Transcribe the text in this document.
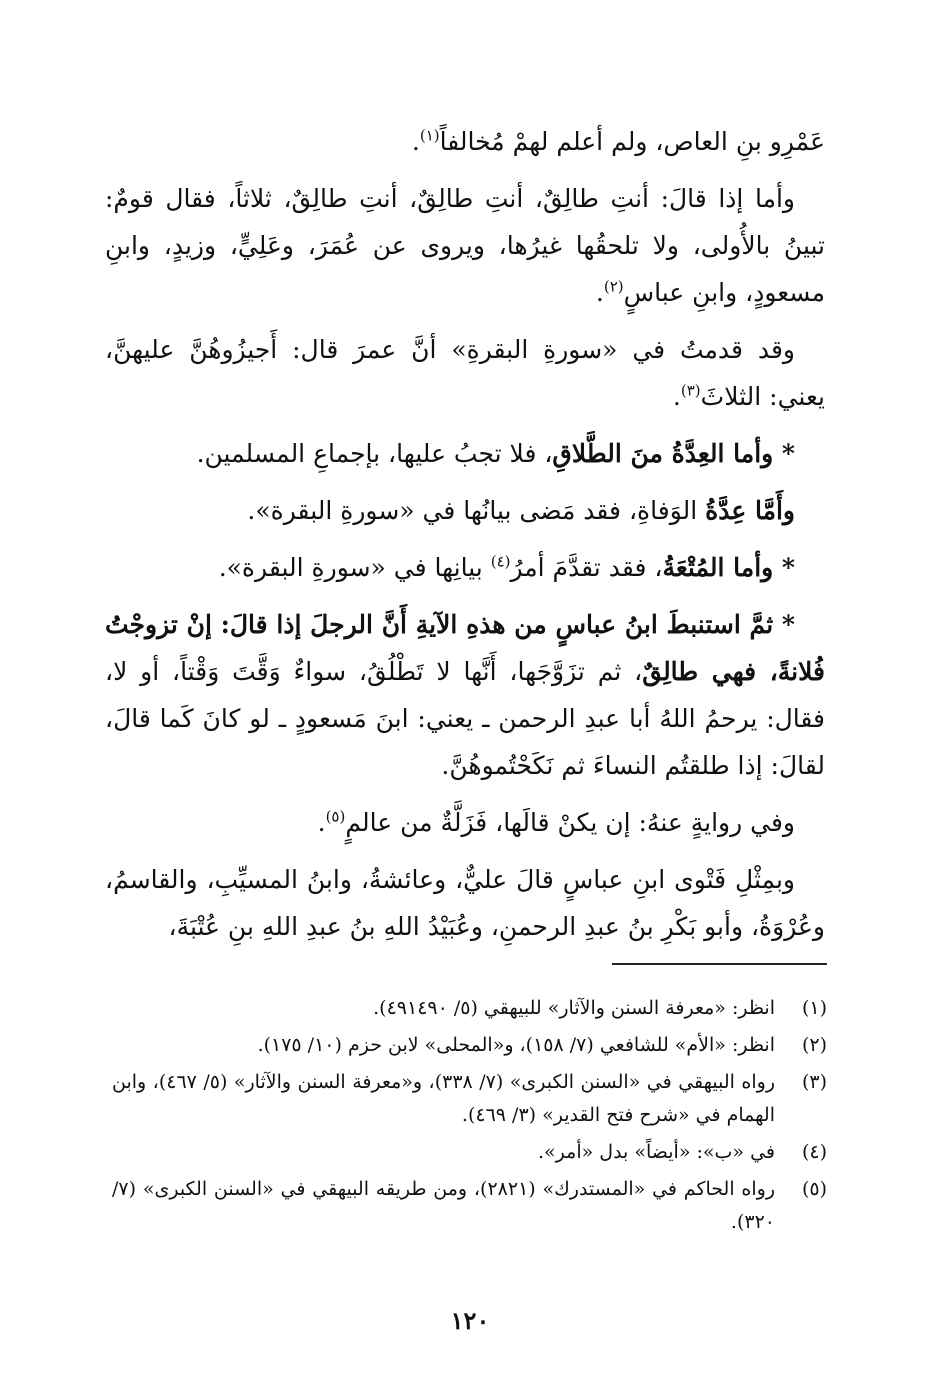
عَمْرِو بنِ العاص، ولم أعلم لهمْ مُخالفاً$^{(١)}$.

وأما إذا قالَ: أنتِ طالِقٌ، أنتِ طالِقٌ، أنتِ طالِقٌ، ثلاثاً، فقال قومٌ: تبينُ بالأُولى، ولا تلحقُها غيرُها، ويروى عن عُمَرَ، وعَلِيٍّ، وزيدٍ، وابنِ مسعودٍ، وابنِ عباسٍ$^{(٢)}$.

وقد قدمتُ في «سورةِ البقرةِ» أنَّ عمرَ قال: أَجيزُوهُنَّ عليهنَّ، يعني: الثلاثَ$^{(٣)}$.

* وأما العِدَّةُ منَ الطَّلاقِ، فلا تجبُ عليها، بإجماعِ المسلمين.

وأَمَّا عِدَّةُ الوَفاةِ، فقد مَضى بيانُها في «سورةِ البقرة».

* وأما المُتْعَةُ، فقد تقدَّمَ أمرُ$^{(٤)}$ بيانِها في «سورةِ البقرة».

* ثمَّ استنبطَ ابنُ عباسٍ من هذهِ الآيةِ أَنَّ الرجلَ إذا قالَ: إنْ تزوجْتُ فُلانةً، فهي طالِقٌ، ثم تزَوَّجَها، أَنَّها لا تَطْلُقُ، سواءٌ وَقَّتَ وَقْتاً، أو لا، فقال: يرحمُ اللهُ أبا عبدِ الرحمن ـ يعني: ابنَ مَسعودٍ ـ لو كانَ كَما قالَ، لقالَ: إذا طلقتُم النساءَ ثم نَكَحْتُموهُنَّ.

وفي روايةٍ عنهُ: إن يكنْ قالَها، فَزَلَّةٌ من عالمٍ$^{(٥)}$.

وبمِثْلِ فَتْوى ابنِ عباسٍ قالَ عليٌّ، وعائشةُ، وابنُ المسيِّبِ، والقاسمُ، وعُرْوَةُ، وأبو بَكْرِ بنُ عبدِ الرحمنِ، وعُبَيْدُ اللهِ بنُ عبدِ اللهِ بنِ عُتْبَةَ،

(١)
انظر: «معرفة السنن والآثار» للبيهقي (٥/ ٤٩١٤٩٠).
(٢)
انظر: «الأم» للشافعي (٧/ ١٥٨)، و«المحلى» لابن حزم (١٠/ ١٧٥).
(٣)
رواه البيهقي في «السنن الكبرى» (٧/ ٣٣٨)، و«معرفة السنن والآثار» (٥/ ٤٦٧)، وابن الهمام في «شرح فتح القدير» (٣/ ٤٦٩).
(٤)
في «ب»: «أيضاً» بدل «أمر».
(٥)
رواه الحاكم في «المستدرك» (٢٨٢١)، ومن طريقه البيهقي في «السنن الكبرى» (٧/ ٣٢٠).
١٢٠
